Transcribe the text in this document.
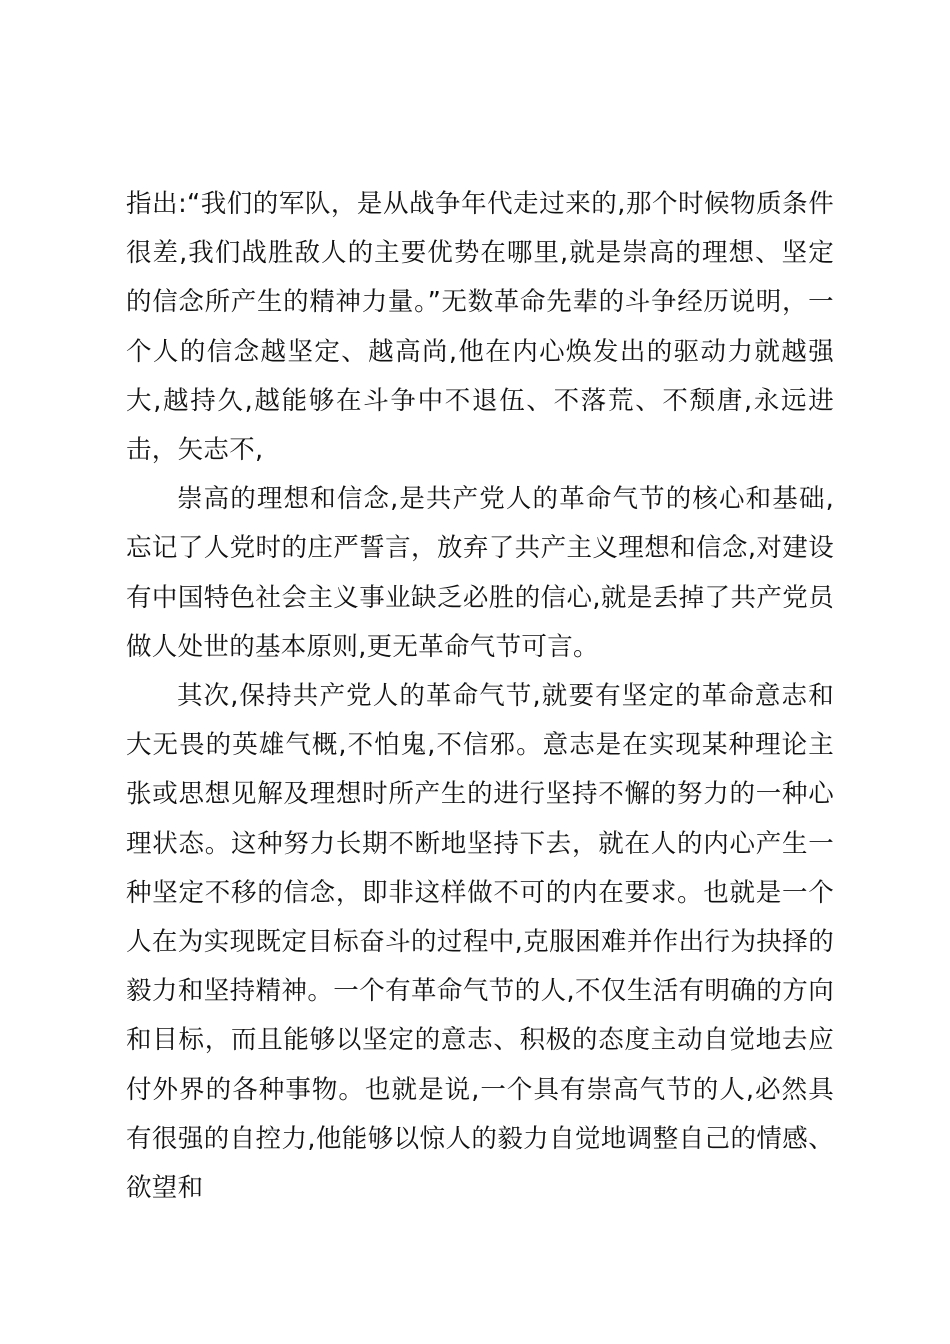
指出:“我们的军队，是从战争年代走过来的,那个时候物质条件很差,我们战胜敌人的主要优势在哪里,就是崇高的理想、坚定的信念所产生的精神力量。”无数革命先辈的斗争经历说明，一个人的信念越坚定、越高尚,他在内心焕发出的驱动力就越强大,越持久,越能够在斗争中不退伍、不落荒、不颓唐,永远进击，矢志不,

崇高的理想和信念,是共产党人的革命气节的核心和基础,忘记了人党时的庄严誓言，放弃了共产主义理想和信念,对建设有中国特色社会主义事业缺乏必胜的信心,就是丢掉了共产党员做人处世的基本原则,更无革命气节可言。

其次,保持共产党人的革命气节,就要有坚定的革命意志和大无畏的英雄气概,不怕鬼,不信邪。意志是在实现某种理论主张或思想见解及理想时所产生的进行坚持不懈的努力的一种心理状态。这种努力长期不断地坚持下去，就在人的内心产生一种坚定不移的信念，即非这样做不可的内在要求。也就是一个人在为实现既定目标奋斗的过程中,克服困难并作出行为抉择的毅力和坚持精神。一个有革命气节的人,不仅生活有明确的方向和目标，而且能够以坚定的意志、积极的态度主动自觉地去应付外界的各种事物。也就是说,一个具有崇高气节的人,必然具有很强的自控力,他能够以惊人的毅力自觉地调整自己的情感、欲望和
